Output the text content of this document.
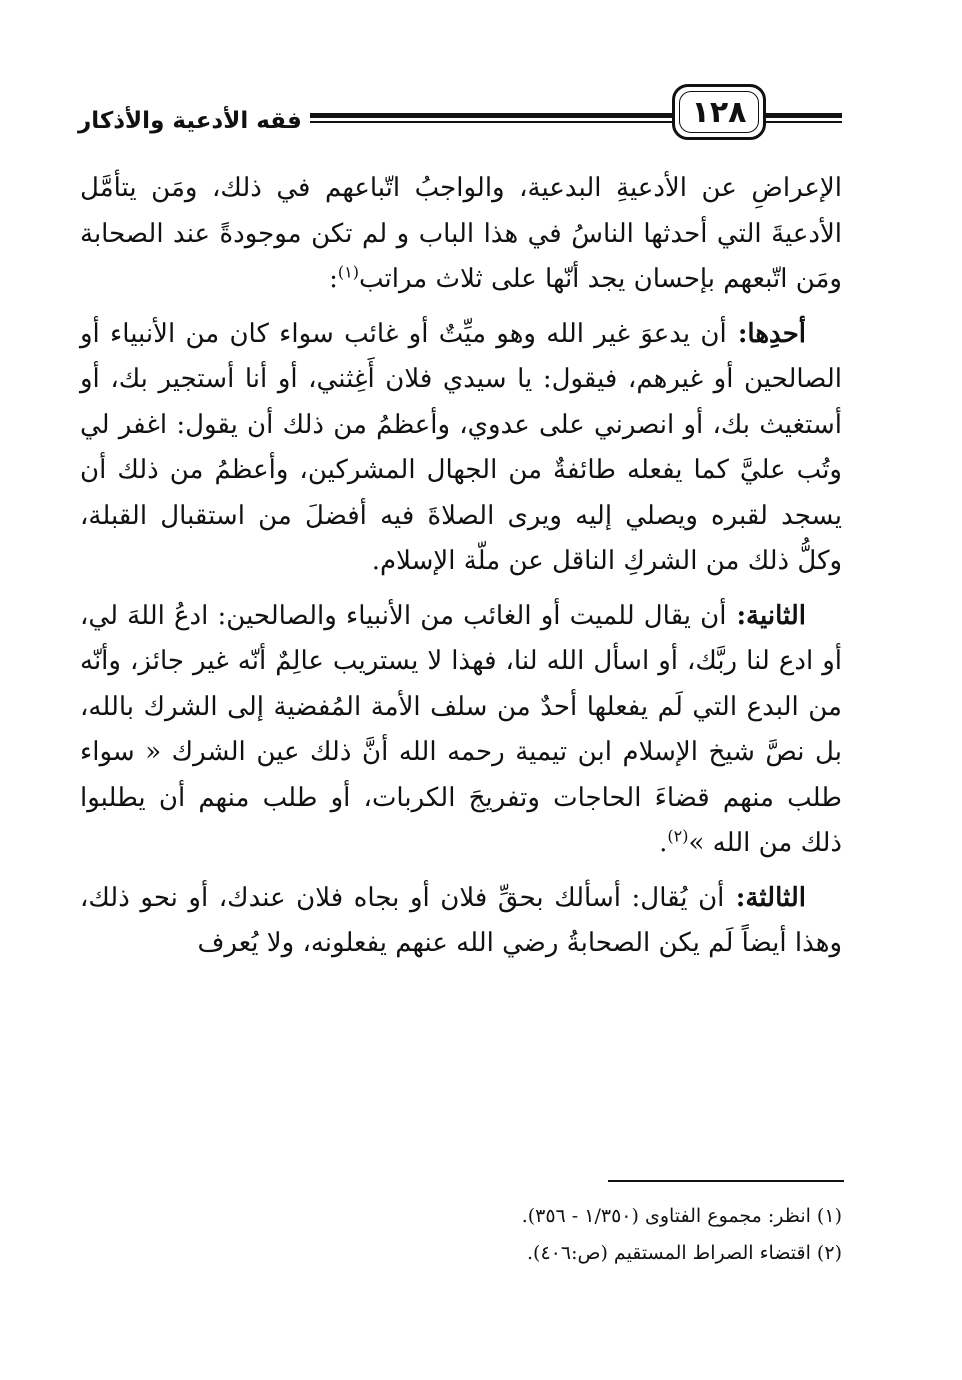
فقه الأدعية والأذكار	١٢٨

الإعراضِ عن الأدعيةِ البدعية، والواجبُ اتّباعهم في ذلك، ومَن يتأمَّل الأدعيةَ التي أحدثها الناسُ في هذا الباب و لم تكن موجودةً عند الصحابة ومَن اتّبعهم بإحسان يجد أنّها على ثلاث مراتب$^{(١)}$:

أحدِها: أن يدعوَ غير الله وهو ميِّتٌ أو غائب سواء كان من الأنبياء أو الصالحين أو غيرهم، فيقول: يا سيدي فلان أَغِثني، أو أنا أستجير بك، أو أستغيث بك، أو انصرني على عدوي، وأعظمُ من ذلك أن يقول: اغفر لي وتُب عليَّ كما يفعله طائفةٌ من الجهال المشركين، وأعظمُ من ذلك أن يسجد لقبره ويصلي إليه ويرى الصلاةَ فيه أفضلَ من استقبال القبلة، وكلُّ ذلك من الشركِ الناقل عن ملّة الإسلام.

الثانية: أن يقال للميت أو الغائب من الأنبياء والصالحين: ادعُ اللهَ لي، أو ادع لنا ربَّك، أو اسأل الله لنا، فهذا لا يستريب عالِمٌ أنّه غير جائز، وأنّه من البدع التي لَم يفعلها أحدٌ من سلف الأمة المُفضية إلى الشرك بالله، بل نصَّ شيخ الإسلام ابن تيمية رحمه الله أنَّ ذلك عين الشرك « سواء طلب منهم قضاءَ الحاجات وتفريجَ الكربات، أو طلب منهم أن يطلبوا ذلك من الله »$^{(٢)}$.

الثالثة: أن يُقال: أسألك بحقِّ فلان أو بجاه فلان عندك، أو نحو ذلك، وهذا أيضاً لَم يكن الصحابةُ رضي الله عنهم يفعلونه، ولا يُعرف

(١) انظر: مجموع الفتاوى (١/٣٥٠ - ٣٥٦).

(٢) اقتضاء الصراط المستقيم (ص:٤٠٦).
